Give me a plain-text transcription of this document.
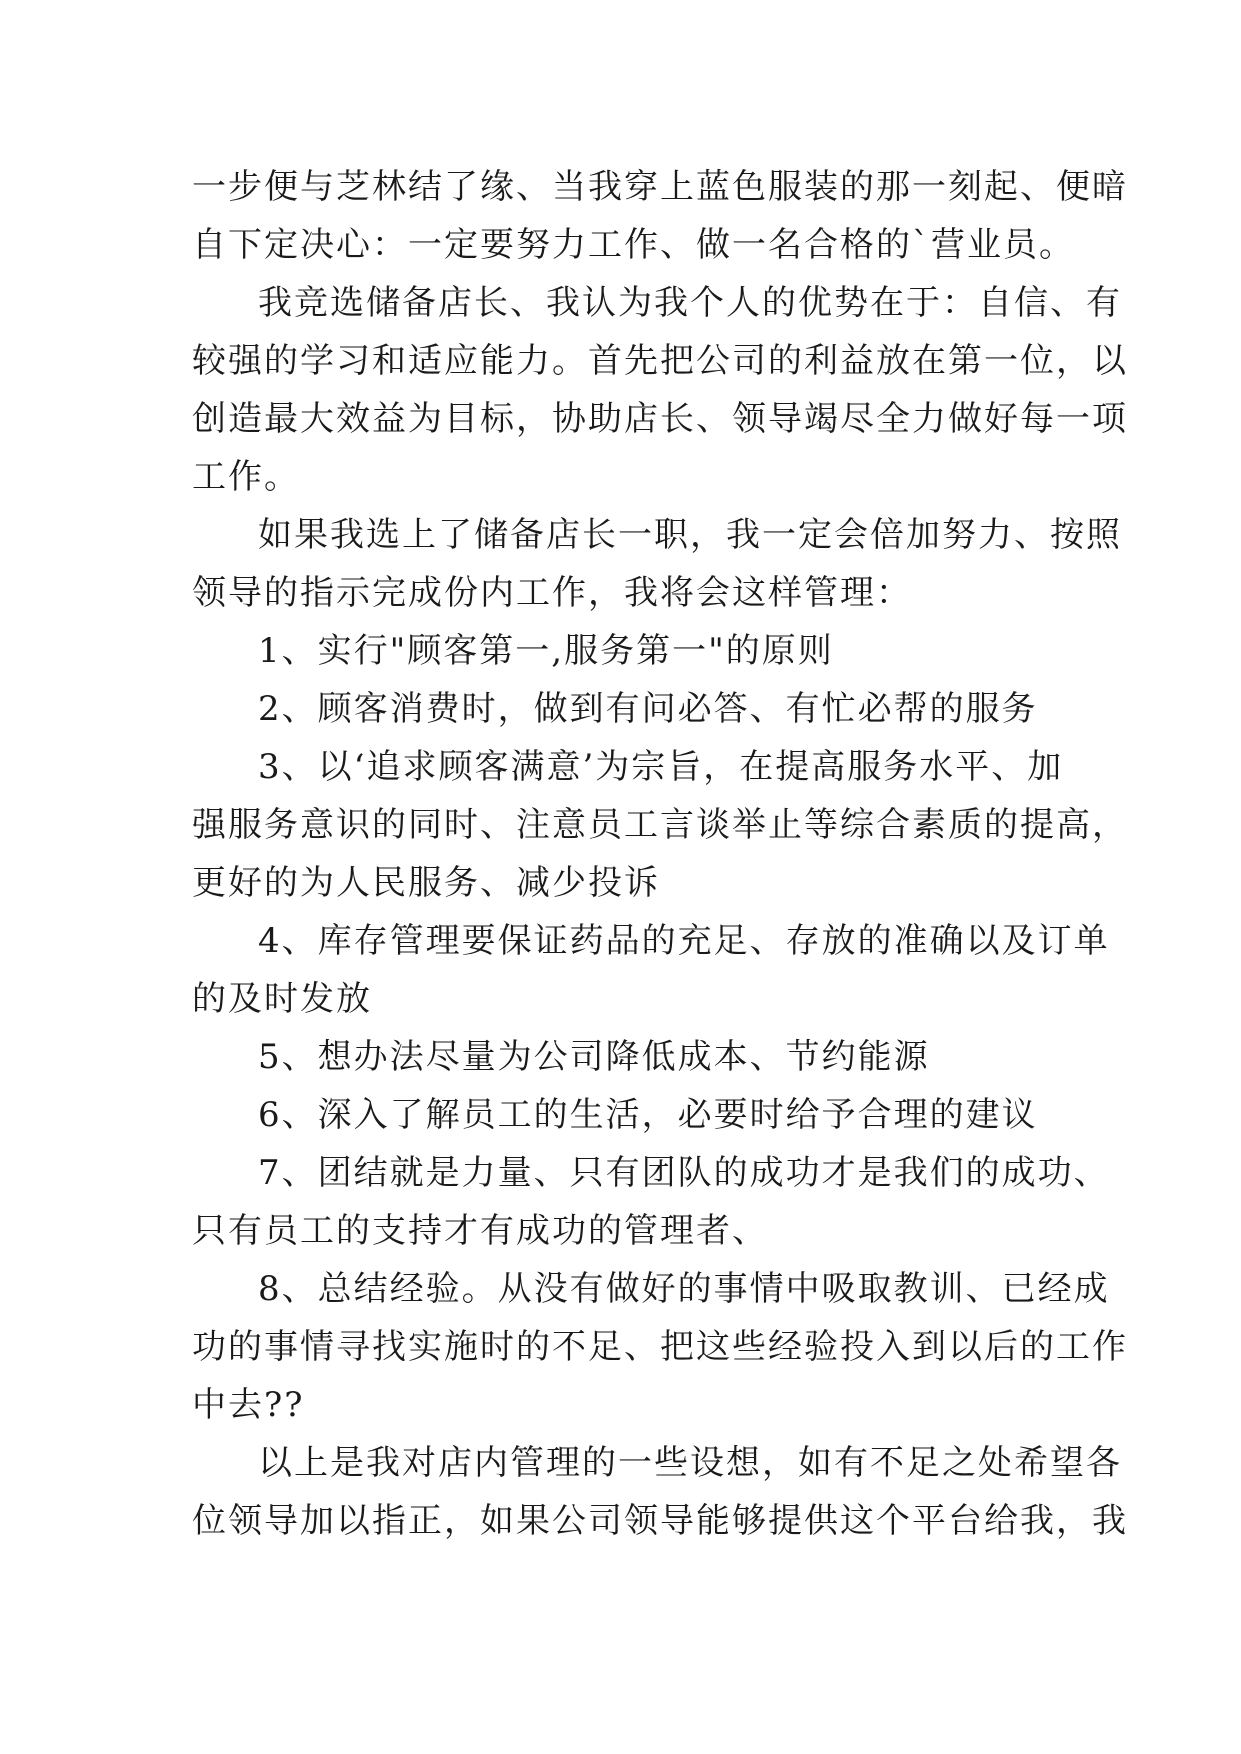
一步便与芝林结了缘、当我穿上蓝色服装的那一刻起、便暗
自下定决心：一定要努力工作、做一名合格的`营业员。
我竞选储备店长、我认为我个人的优势在于：自信、有
较强的学习和适应能力。首先把公司的利益放在第一位，以
创造最大效益为目标，协助店长、领导竭尽全力做好每一项
工作。
如果我选上了储备店长一职，我一定会倍加努力、按照
领导的指示完成份内工作，我将会这样管理：
1、实行"顾客第一,服务第一"的原则
2、顾客消费时，做到有问必答、有忙必帮的服务
3、以‘追求顾客满意’为宗旨，在提高服务水平、加
强服务意识的同时、注意员工言谈举止等综合素质的提高，
更好的为人民服务、减少投诉
4、库存管理要保证药品的充足、存放的准确以及订单
的及时发放
5、想办法尽量为公司降低成本、节约能源
6、深入了解员工的生活，必要时给予合理的建议
7、团结就是力量、只有团队的成功才是我们的成功、
只有员工的支持才有成功的管理者、
8、总结经验。从没有做好的事情中吸取教训、已经成
功的事情寻找实施时的不足、把这些经验投入到以后的工作
中去??
以上是我对店内管理的一些设想，如有不足之处希望各
位领导加以指正，如果公司领导能够提供这个平台给我，我
